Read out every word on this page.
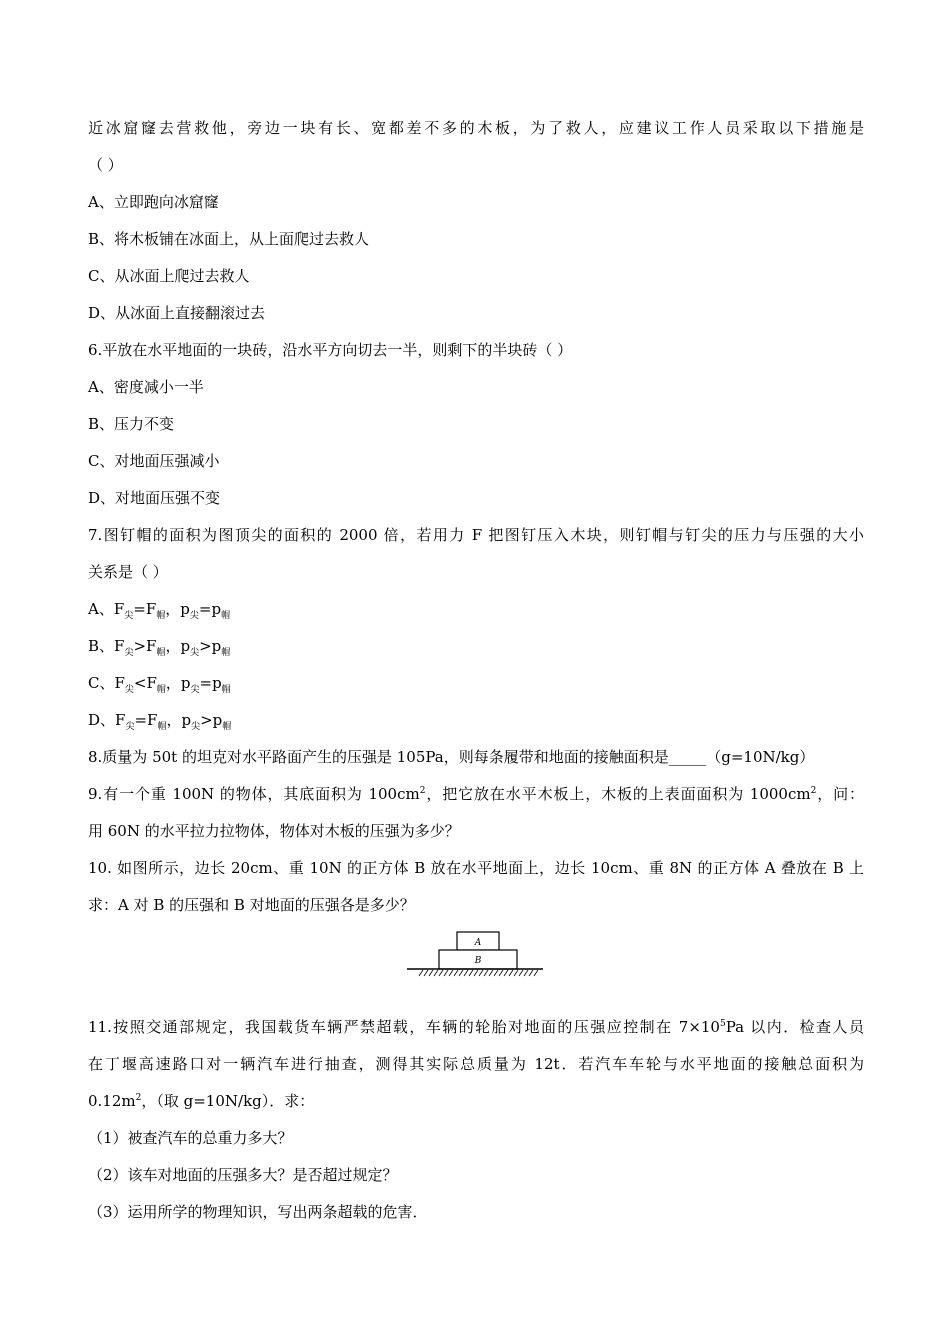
近冰窟窿去营救他，旁边一块有长、宽都差不多的木板，为了救人，应建议工作人员采取以下措施是
（ ）
A、立即跑向冰窟窿
B、将木板铺在冰面上，从上面爬过去救人
C、从冰面上爬过去救人
D、从冰面上直接翻滚过去
6.平放在水平地面的一块砖，沿水平方向切去一半，则剩下的半块砖（ ）
A、密度减小一半
B、压力不变
C、对地面压强减小
D、对地面压强不变
7.图钉帽的面积为图顶尖的面积的 2000 倍，若用力 F 把图钉压入木块，则钉帽与钉尖的压力与压强的大小
关系是（ ）
A、$F_尖=F_帽$，$p_尖=p_帽$
B、$F_尖>F_帽$，$p_尖>p_帽$
C、$F_尖<F_帽$，$p_尖=p_帽$
D、$F_尖=F_帽$，$p_尖>p_帽$
8.质量为 50t 的坦克对水平路面产生的压强是 105Pa，则每条履带和地面的接触面积是_____（g=10N/kg）
9.有一个重 100N 的物体，其底面积为 $100cm^2$，把它放在水平木板上，木板的上表面面积为 $1000cm^2$，问：
用 60N 的水平拉力拉物体，物体对木板的压强为多少？
10. 如图所示，边长 20cm、重 10N 的正方体 B 放在水平地面上，边长 10cm、重 8N 的正方体 A 叠放在 B 上
求：A 对 B 的压强和 B 对地面的压强各是多少？
A
B
11.按照交通部规定，我国载货车辆严禁超载，车辆的轮胎对地面的压强应控制在 $7\times 10^5Pa$ 以内．检查人员
在丁堰高速路口对一辆汽车进行抽查，测得其实际总质量为 12t．若汽车车轮与水平地面的接触总面积为
$0.12m^2$，（取 g=10N/kg）．求：
（1）被查汽车的总重力多大？
（2）该车对地面的压强多大？是否超过规定？
（3）运用所学的物理知识，写出两条超载的危害．
